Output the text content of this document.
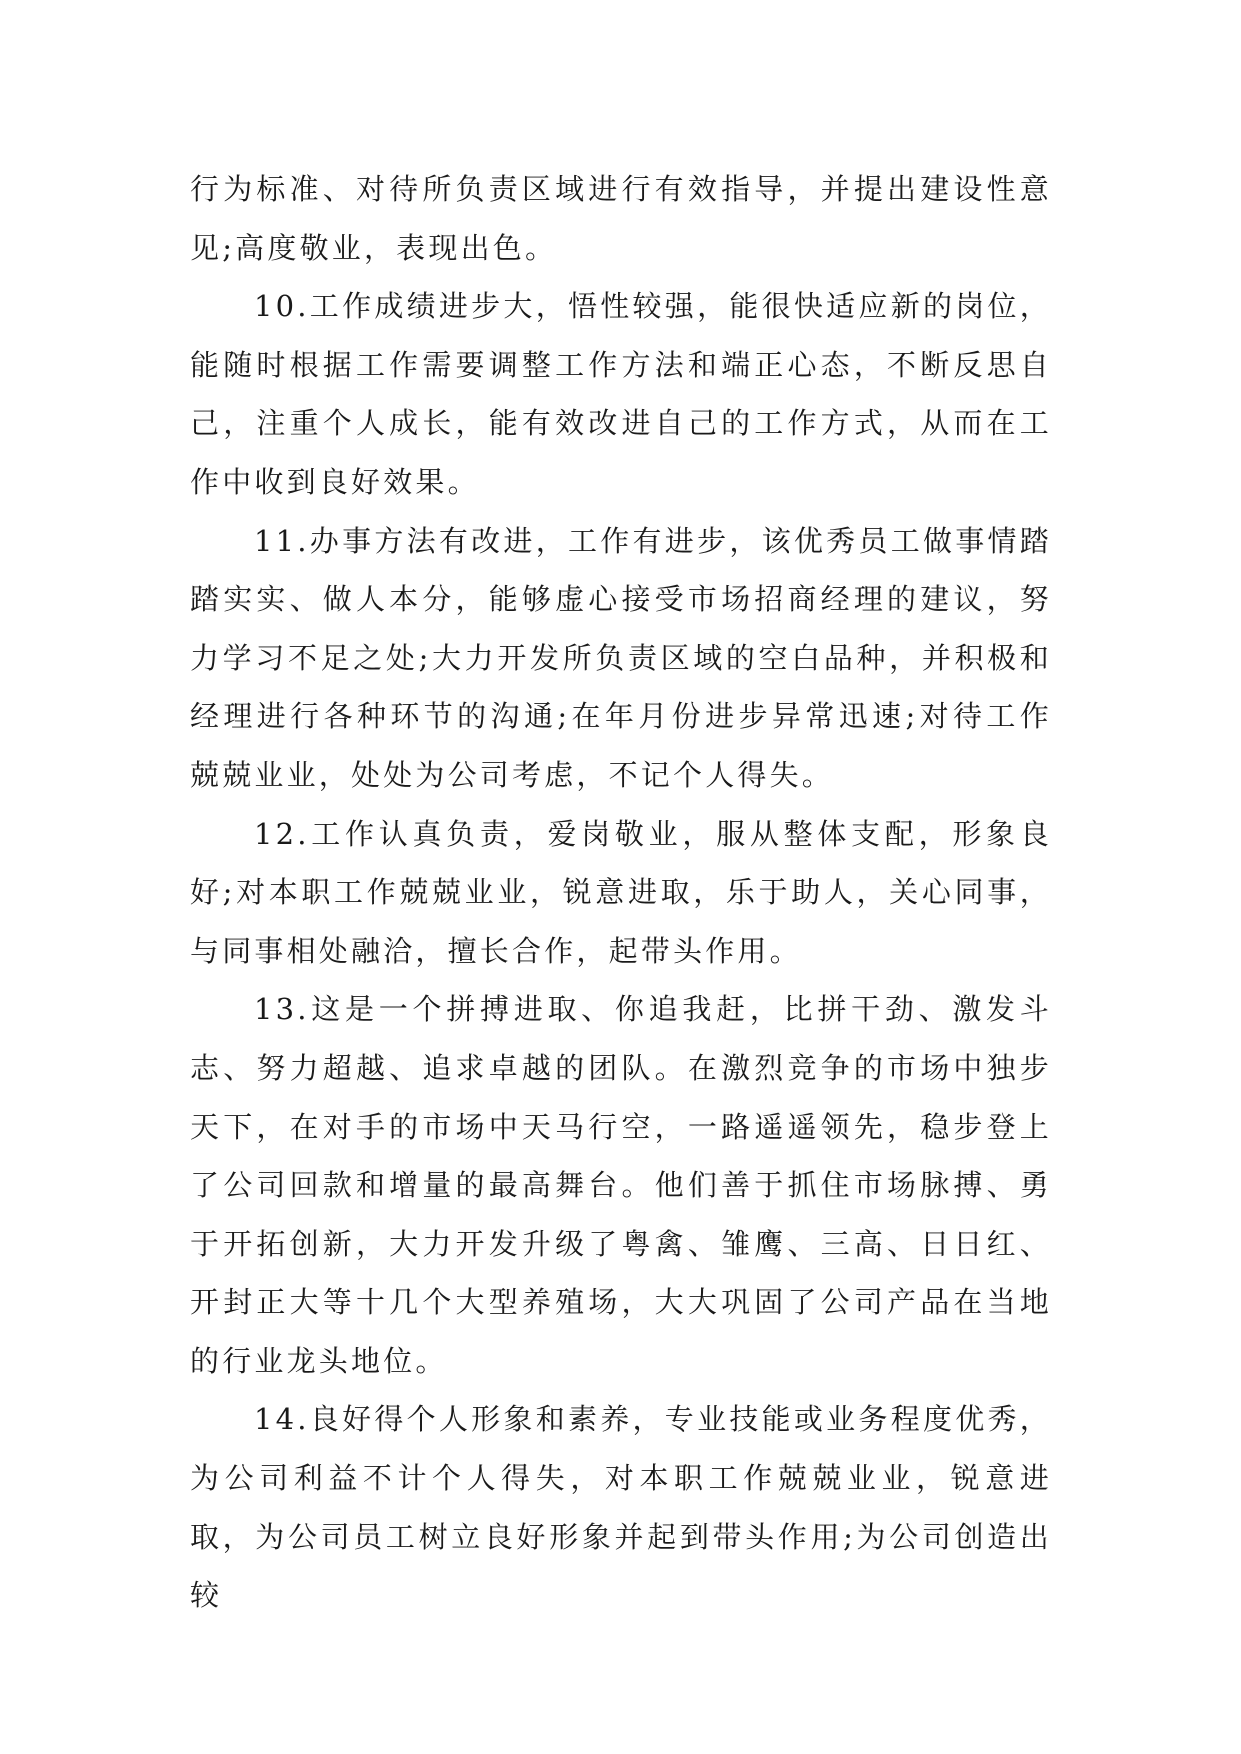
行为标准、对待所负责区域进行有效指导，并提出建设性意见;高度敬业，表现出色。

10.工作成绩进步大，悟性较强，能很快适应新的岗位，能随时根据工作需要调整工作方法和端正心态，不断反思自己，注重个人成长，能有效改进自己的工作方式，从而在工作中收到良好效果。

11.办事方法有改进，工作有进步，该优秀员工做事情踏踏实实、做人本分，能够虚心接受市场招商经理的建议，努力学习不足之处;大力开发所负责区域的空白品种，并积极和经理进行各种环节的沟通;在年月份进步异常迅速;对待工作兢兢业业，处处为公司考虑，不记个人得失。

12.工作认真负责，爱岗敬业，服从整体支配，形象良好;对本职工作兢兢业业，锐意进取，乐于助人，关心同事，与同事相处融洽，擅长合作，起带头作用。

13.这是一个拼搏进取、你追我赶，比拼干劲、激发斗志、努力超越、追求卓越的团队。在激烈竞争的市场中独步天下，在对手的市场中天马行空，一路遥遥领先，稳步登上了公司回款和增量的最高舞台。他们善于抓住市场脉搏、勇于开拓创新，大力开发升级了粤禽、雏鹰、三高、日日红、开封正大等十几个大型养殖场，大大巩固了公司产品在当地的行业龙头地位。

14.良好得个人形象和素养，专业技能或业务程度优秀，为公司利益不计个人得失，对本职工作兢兢业业，锐意进取，为公司员工树立良好形象并起到带头作用;为公司创造出较
